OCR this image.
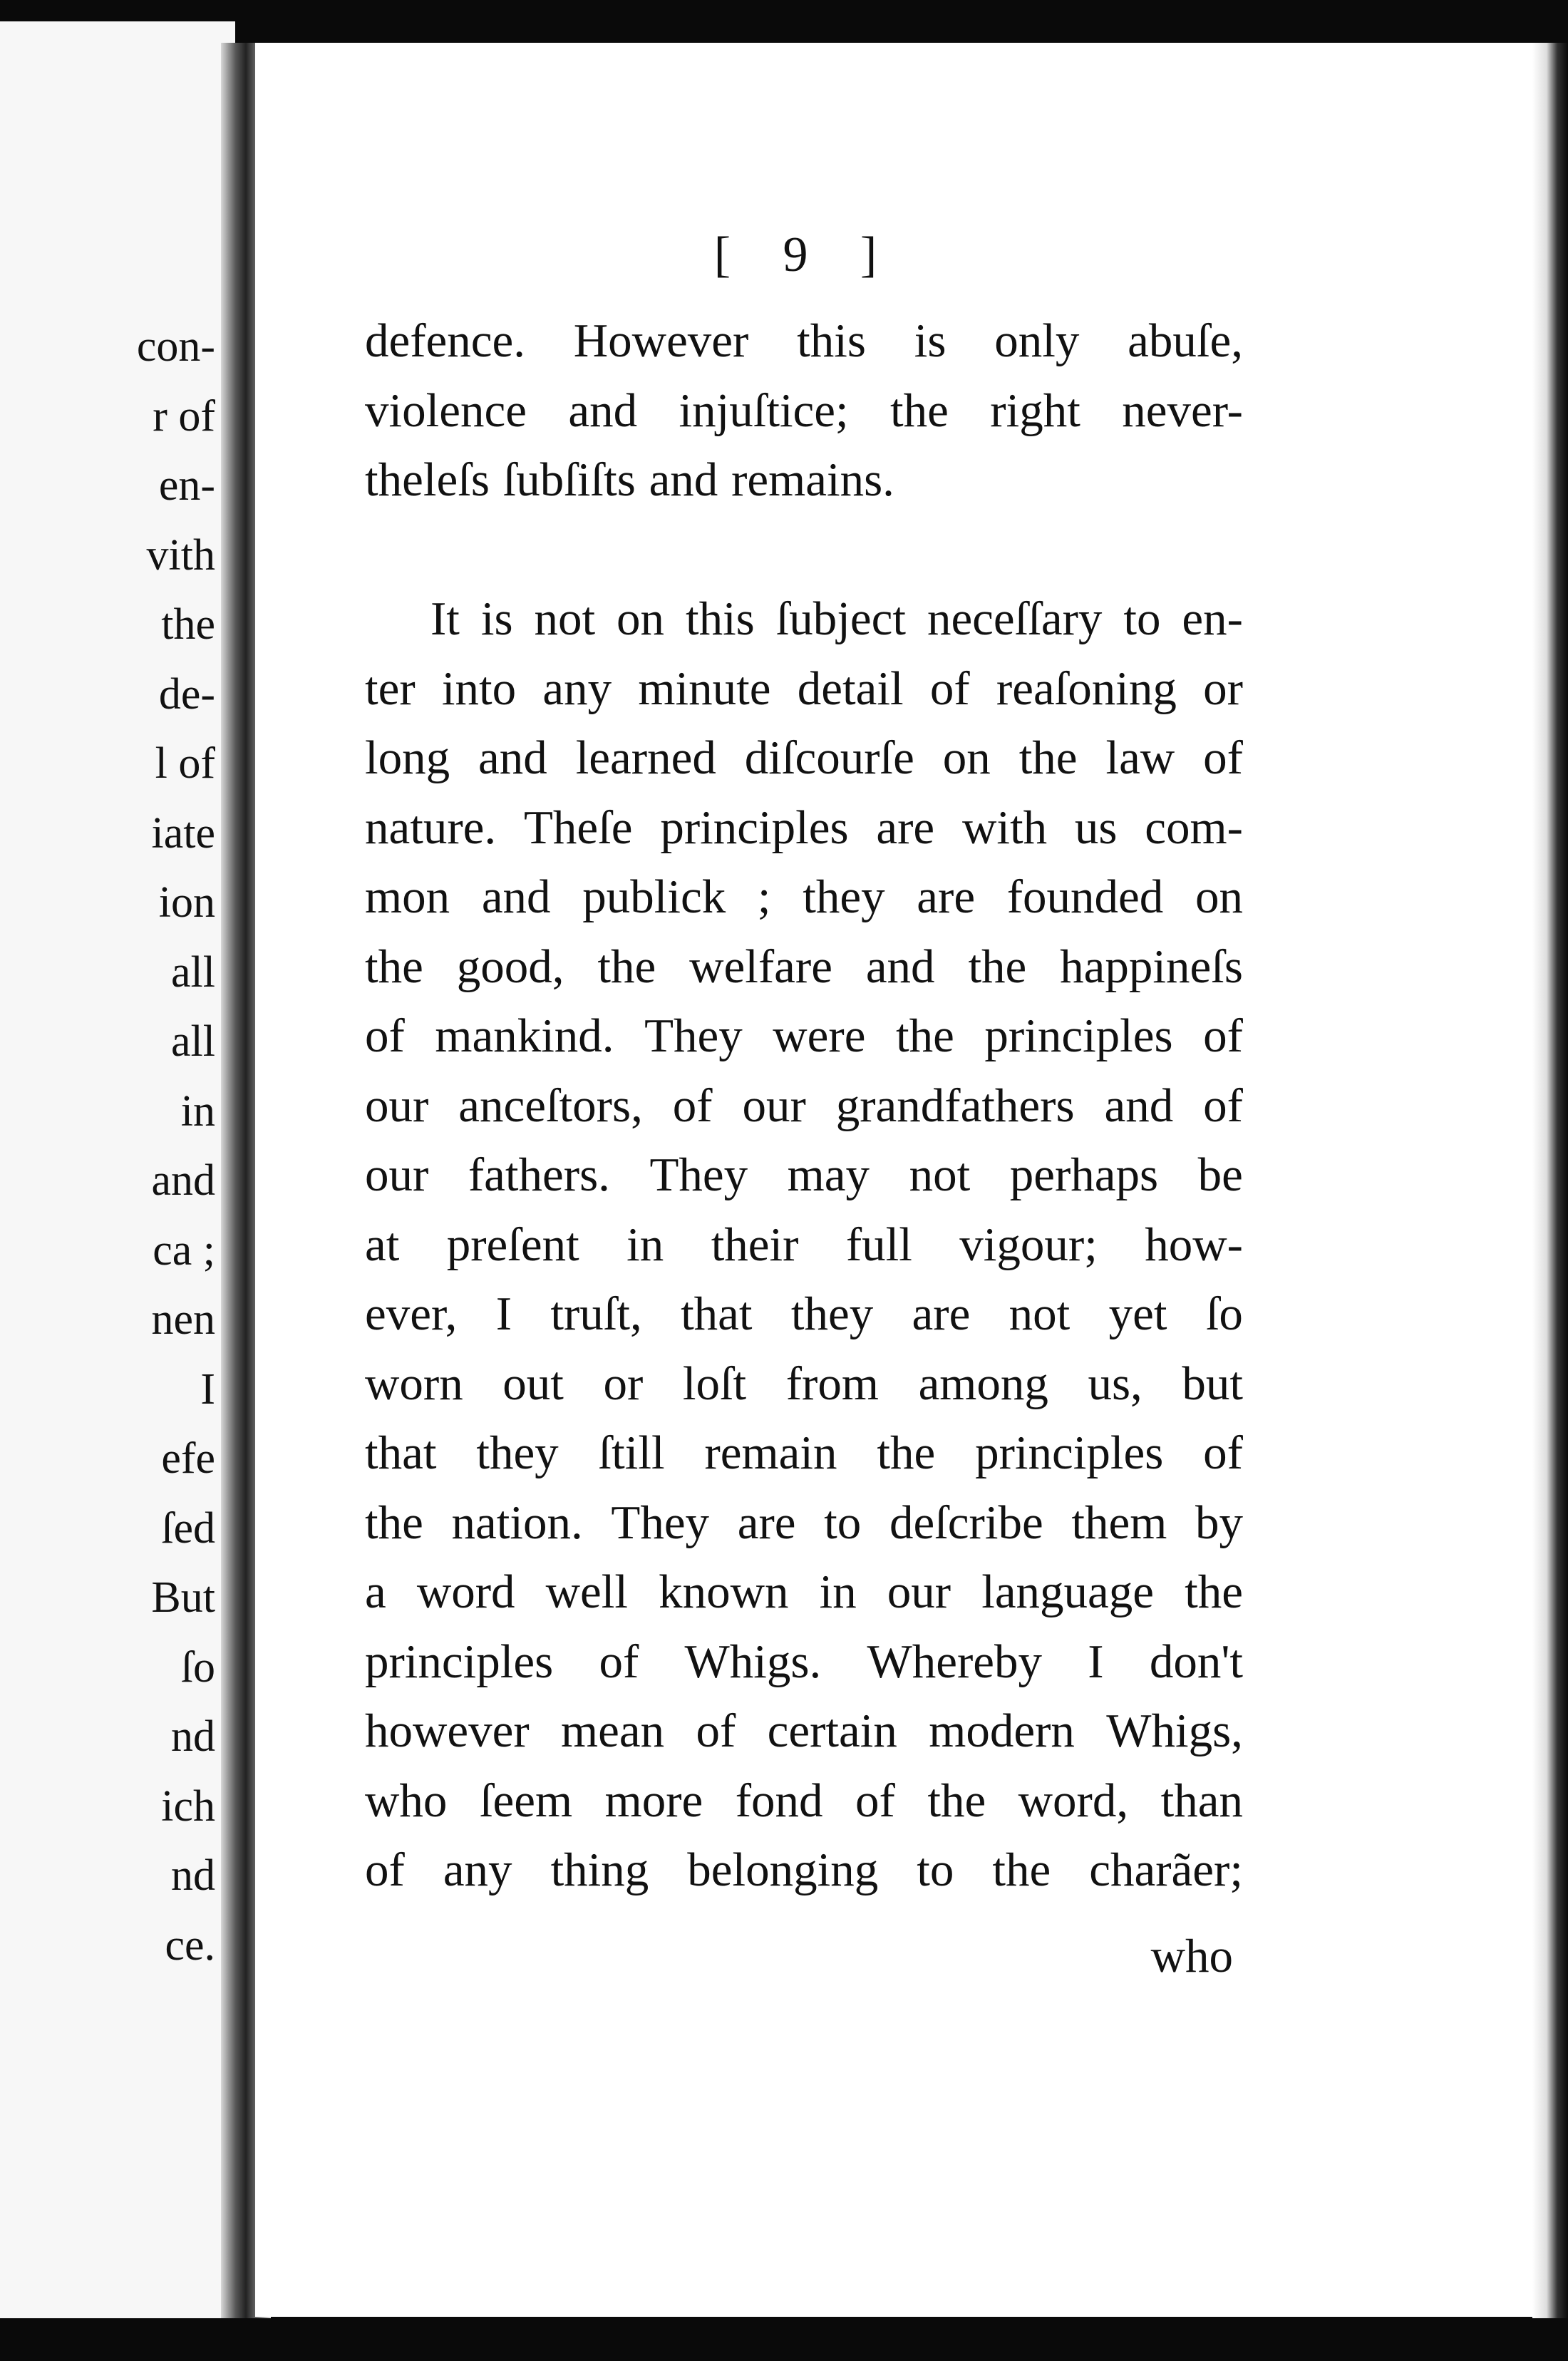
con-
r of
en-
vith
the
de-
l of
iate
ion
all
all
in
and
ca ;
nen
I
efe
ſed
But
ſo
nd
ich
nd
ce.
[ 9 ]
defence. However this is only abuſe,
violence and injuſtice; the right never-
theleſs ſubſiſts and remains.
It is not on this ſubject neceſſary to en-
ter into any minute detail of reaſoning or
long and learned diſcourſe on the law of
nature. Theſe principles are with us com-
mon and publick ; they are founded on
the good, the welfare and the happineſs
of mankind. They were the principles of
our anceſtors, of our grandfathers and of
our fathers. They may not perhaps be
at preſent in their full vigour; how-
ever, I truſt, that they are not yet ſo
worn out or loſt from among us, but
that they ſtill remain the principles of
the nation. They are to deſcribe them by
a word well known in our language the
principles of Whigs. Whereby I don't
however mean of certain modern Whigs,
who ſeem more fond of the word, than
of any thing belonging to the charãer;
who
